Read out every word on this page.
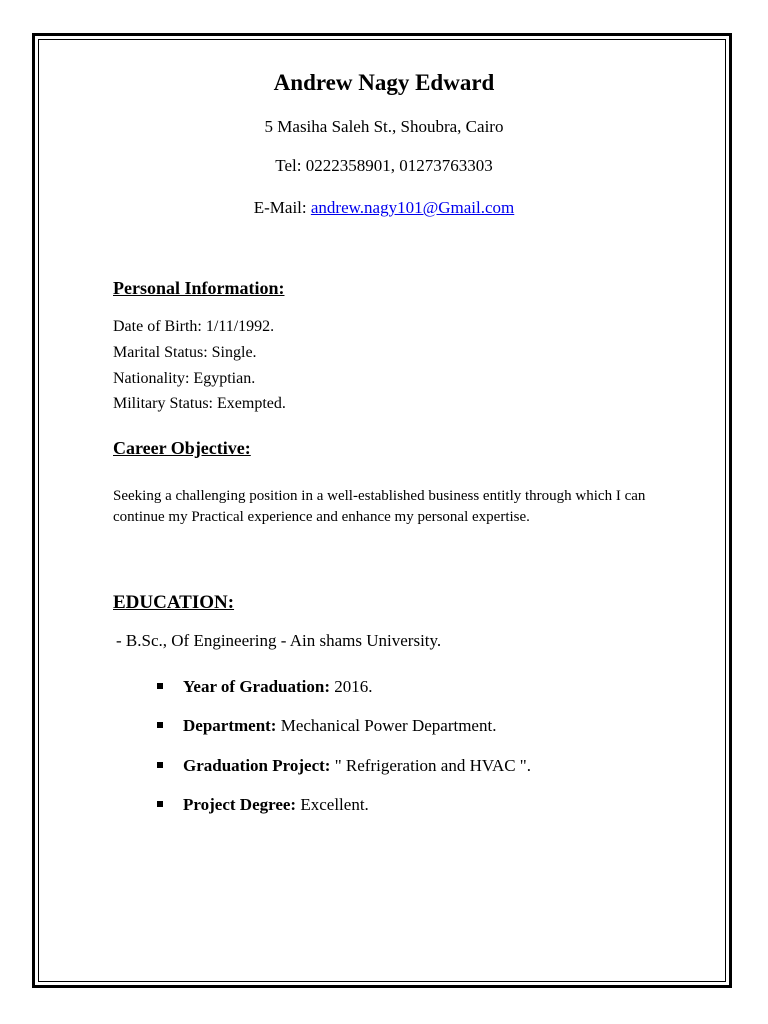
Andrew Nagy Edward
5 Masiha Saleh St., Shoubra, Cairo
Tel: 0222358901, 01273763303
E-Mail: andrew.nagy101@Gmail.com
Personal Information:
Date of Birth: 1/11/1992.
Marital Status: Single.
Nationality: Egyptian.
Military Status: Exempted.
Career Objective:
Seeking a challenging position in a well-established business entitly through which I can continue my Practical experience and enhance my personal expertise.
EDUCATION:
- B.Sc., Of Engineering - Ain shams University.
Year of Graduation: 2016.
Department: Mechanical Power Department.
Graduation Project: " Refrigeration and HVAC ".
Project Degree: Excellent.
